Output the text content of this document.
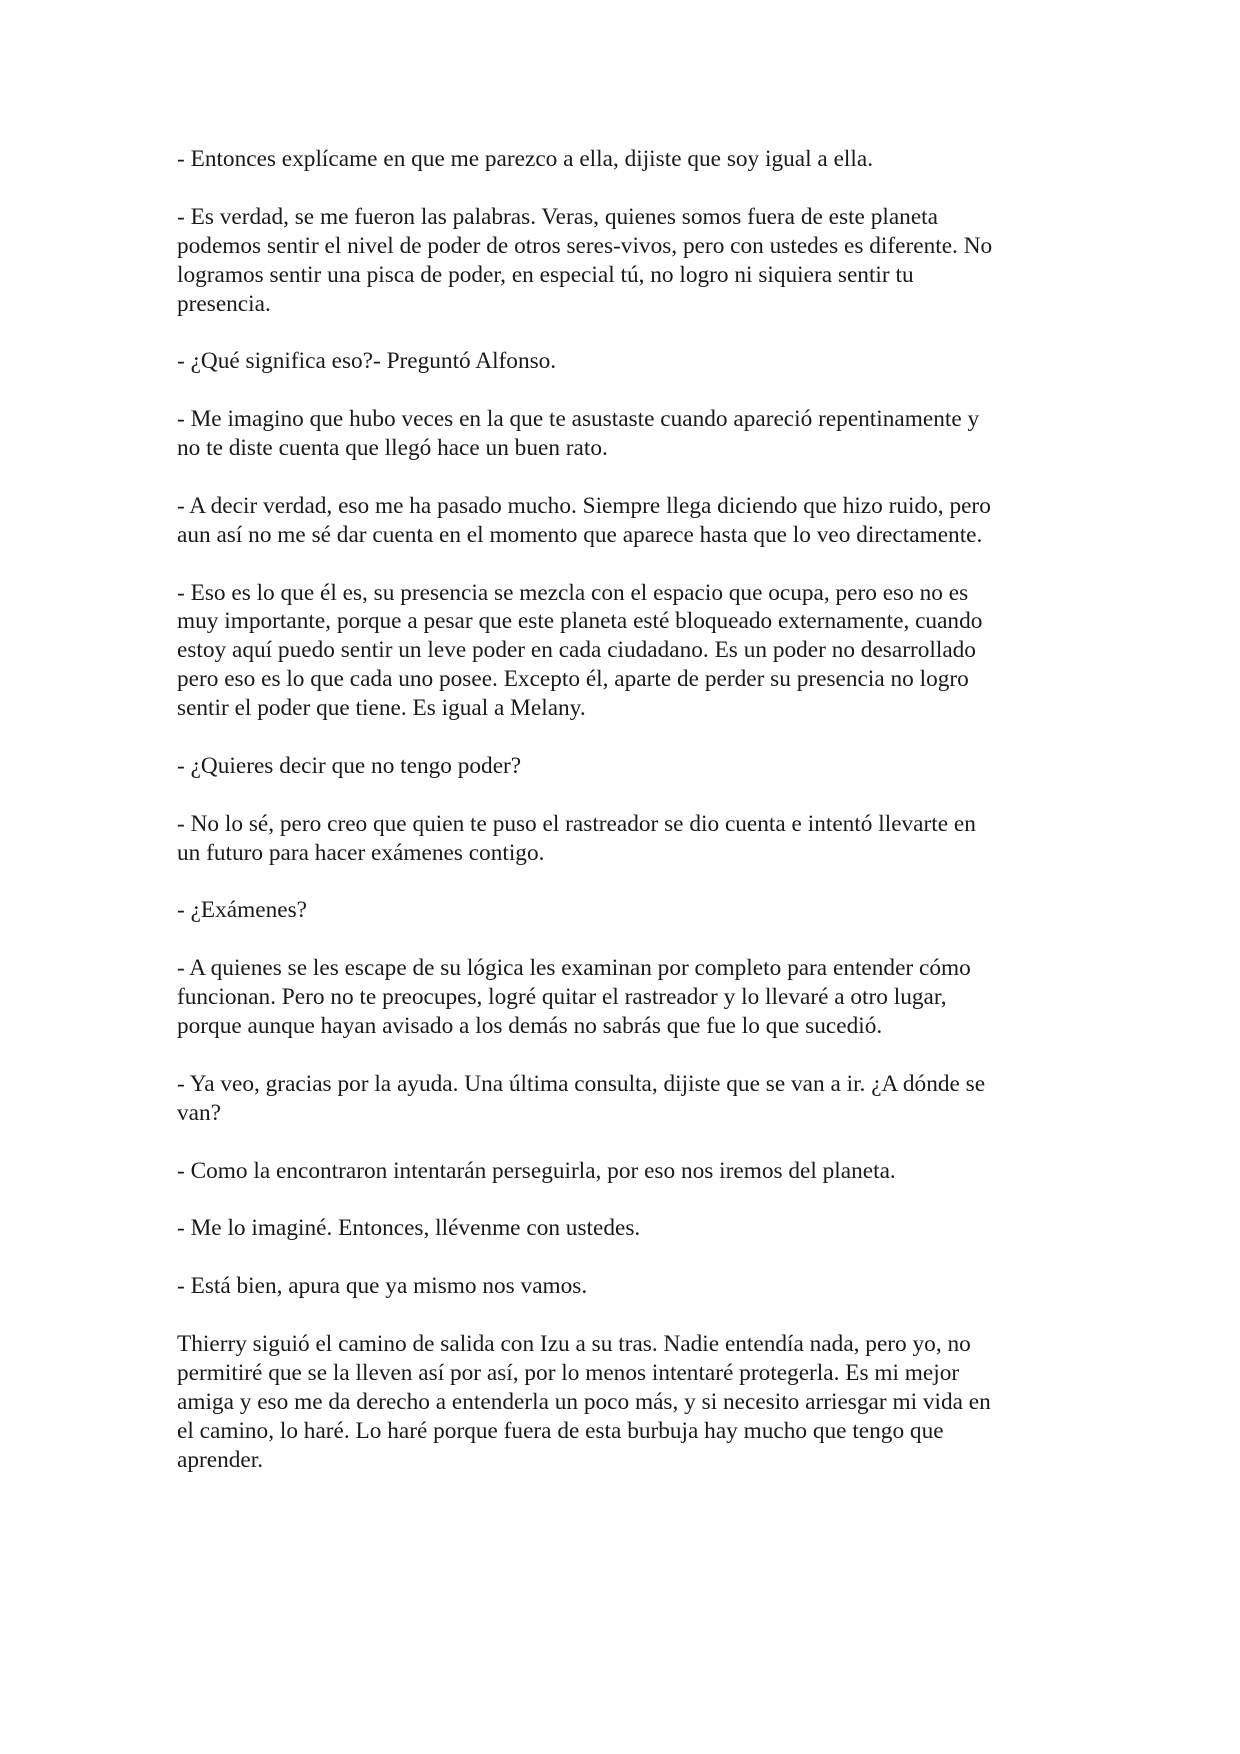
- Entonces explícame en que me parezco a ella, dijiste que soy igual a ella.

- Es verdad, se me fueron las palabras. Veras, quienes somos fuera de este planeta
podemos sentir el nivel de poder de otros seres-vivos, pero con ustedes es diferente. No
logramos sentir una pisca de poder, en especial tú, no logro ni siquiera sentir tu
presencia.

- ¿Qué significa eso?- Preguntó Alfonso.

- Me imagino que hubo veces en la que te asustaste cuando apareció repentinamente y
no te diste cuenta que llegó hace un buen rato.

- A decir verdad, eso me ha pasado mucho. Siempre llega diciendo que hizo ruido, pero
aun así no me sé dar cuenta en el momento que aparece hasta que lo veo directamente.

- Eso es lo que él es, su presencia se mezcla con el espacio que ocupa, pero eso no es
muy importante, porque a pesar que este planeta esté bloqueado externamente, cuando
estoy aquí puedo sentir un leve poder en cada ciudadano. Es un poder no desarrollado
pero eso es lo que cada uno posee. Excepto él, aparte de perder su presencia no logro
sentir el poder que tiene. Es igual a Melany.

- ¿Quieres decir que no tengo poder?

- No lo sé, pero creo que quien te puso el rastreador se dio cuenta e intentó llevarte en
un futuro para hacer exámenes contigo.

- ¿Exámenes?

- A quienes se les escape de su lógica les examinan por completo para entender cómo
funcionan. Pero no te preocupes, logré quitar el rastreador y lo llevaré a otro lugar,
porque aunque hayan avisado a los demás no sabrás que fue lo que sucedió.

- Ya veo, gracias por la ayuda. Una última consulta, dijiste que se van a ir. ¿A dónde se
van?

- Como la encontraron intentarán perseguirla, por eso nos iremos del planeta.

- Me lo imaginé. Entonces, llévenme con ustedes.

- Está bien, apura que ya mismo nos vamos.

Thierry siguió el camino de salida con Izu a su tras. Nadie entendía nada, pero yo, no
permitiré que se la lleven así por así, por lo menos intentaré protegerla. Es mi mejor
amiga y eso me da derecho a entenderla un poco más, y si necesito arriesgar mi vida en
el camino, lo haré. Lo haré porque fuera de esta burbuja hay mucho que tengo que
aprender.
